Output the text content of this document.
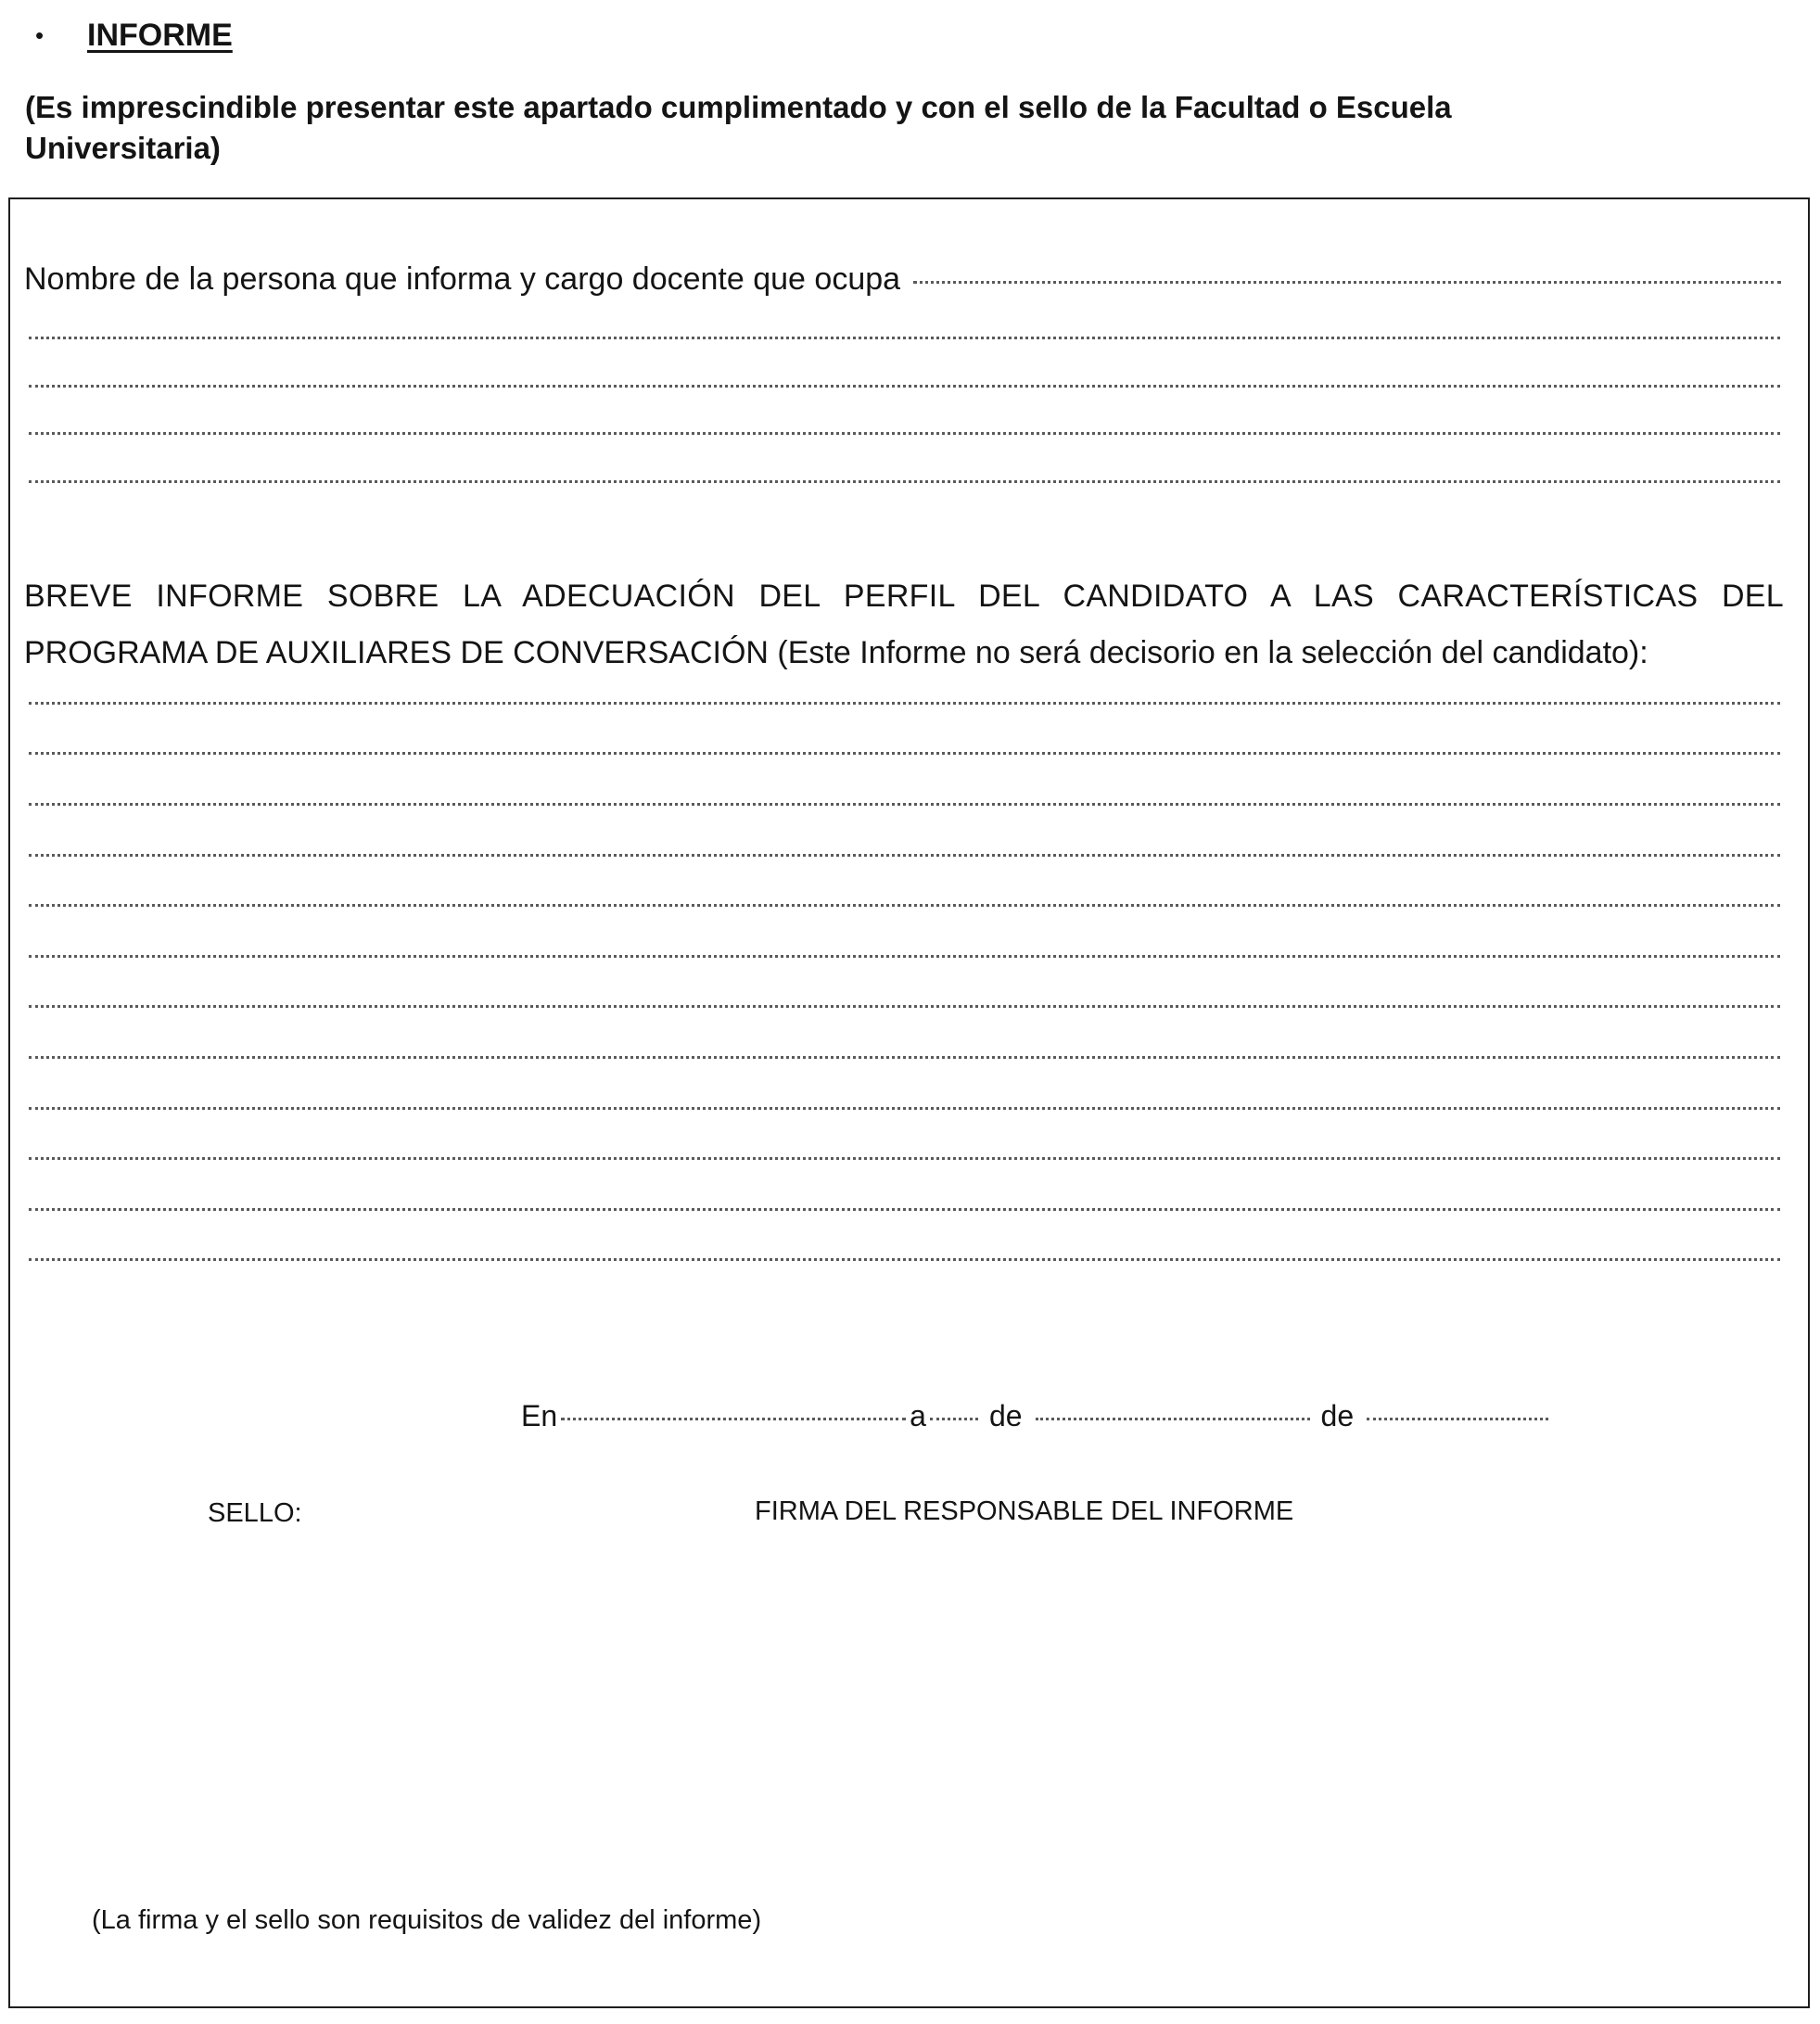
• INFORME
(Es imprescindible presentar este apartado cumplimentado y con el sello de la Facultad o Escuela Universitaria)
Nombre de la persona que informa y cargo docente que ocupa
BREVE INFORME SOBRE LA ADECUACIÓN DEL PERFIL DEL CANDIDATO A LAS CARACTERÍSTICAS DEL
PROGRAMA DE AUXILIARES DE CONVERSACIÓN (Este Informe no será decisorio en la selección del candidato):
En	a de	de
SELLO:	FIRMA DEL RESPONSABLE DEL INFORME
(La firma y el sello son requisitos de validez del informe)
